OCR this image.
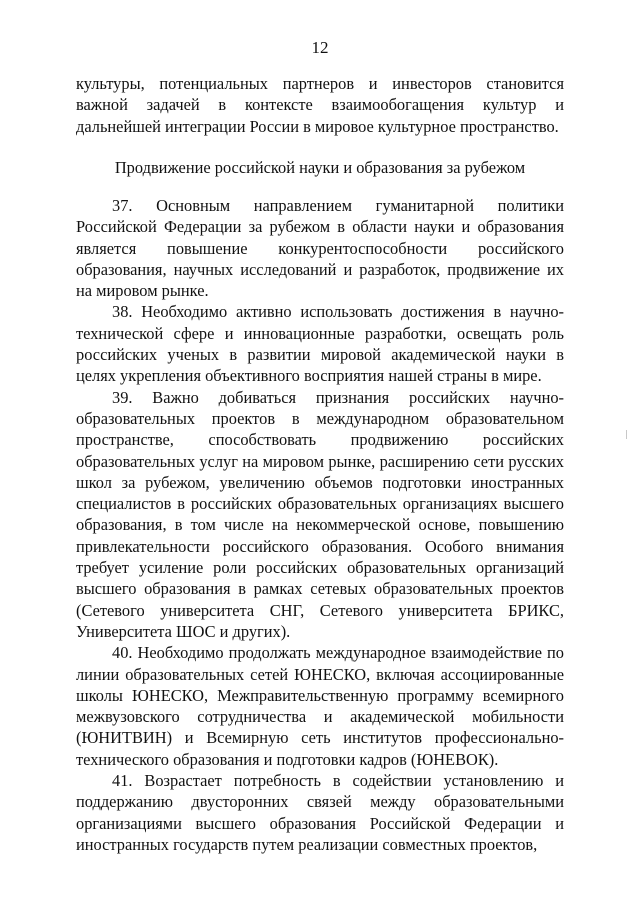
12
культуры, потенциальных партнеров и инвесторов становится важной задачей в контексте взаимообогащения культур и дальнейшей интеграции России в мировое культурное пространство.
Продвижение российской науки и образования за рубежом

37. Основным направлением гуманитарной политики Российской Федерации за рубежом в области науки и образования является повышение конкурентоспособности российского образования, научных исследований и разработок, продвижение их на мировом рынке.

38. Необходимо активно использовать достижения в научно-технической сфере и инновационные разработки, освещать роль российских ученых в развитии мировой академической науки в целях укрепления объективного восприятия нашей страны в мире.

39. Важно добиваться признания российских научно-образовательных проектов в международном образовательном пространстве, способствовать продвижению российских образовательных услуг на мировом рынке, расширению сети русских школ за рубежом, увеличению объемов подготовки иностранных специалистов в российских образовательных организациях высшего образования, в том числе на некоммерческой основе, повышению привлекательности российского образования. Особого внимания требует усиление роли российских образовательных организаций высшего образования в рамках сетевых образовательных проектов (Сетевого университета СНГ, Сетевого университета БРИКС, Университета ШОС и других).

40. Необходимо продолжать международное взаимодействие по линии образовательных сетей ЮНЕСКО, включая ассоциированные школы ЮНЕСКО, Межправительственную программу всемирного межвузовского сотрудничества и академической мобильности (ЮНИТВИН) и Всемирную сеть институтов профессионально-технического образования и подготовки кадров (ЮНЕВОК).

41. Возрастает потребность в содействии установлению и поддержанию двусторонних связей между образовательными организациями высшего образования Российской Федерации и иностранных государств путем реализации совместных проектов,
